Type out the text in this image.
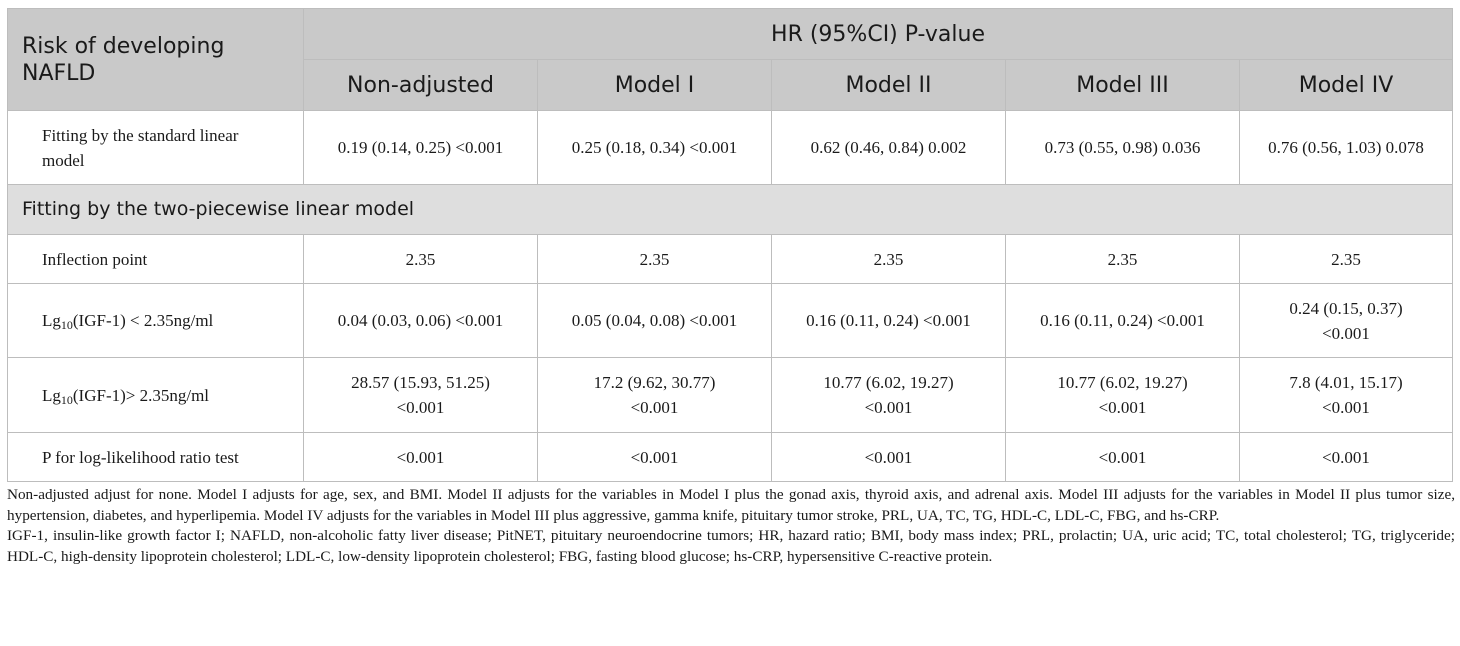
Risk of developing NAFLD	HR (95%CI) P-value				
	Non-adjusted	Model I	Model II	Model III	Model IV

Fitting by the standard linear model	0.19 (0.14, 0.25) <0.001	0.25 (0.18, 0.34) <0.001	0.62 (0.46, 0.84) 0.002	0.73 (0.55, 0.98) 0.036	0.76 (0.56, 1.03) 0.078
Fitting by the two-piecewise linear model					
Inflection point	2.35	2.35	2.35	2.35	2.35
$Lg_{10}(IGF-1) < 2.35ng/ml$	0.04 (0.03, 0.06) <0.001	0.05 (0.04, 0.08) <0.001	0.16 (0.11, 0.24) <0.001	0.16 (0.11, 0.24) <0.001	0.24 (0.15, 0.37) <0.001

$Lg_{10}(IGF-1)> 2.35ng/ml$	28.57 (15.93, 51.25) <0.001	17.2 (9.62, 30.77) <0.001	10.77 (6.02, 19.27) <0.001	10.77 (6.02, 19.27) <0.001	7.8 (4.01, 15.17) <0.001

P for log-likelihood ratio test	<0.001	<0.001	<0.001	<0.001	<0.001

Non-adjusted adjust for none. Model I adjusts for age, sex, and BMI. Model II adjusts for the variables in Model I plus the gonad axis, thyroid axis, and adrenal axis. Model III adjusts for the variables in Model II plus tumor size, hypertension, diabetes, and hyperlipemia. Model IV adjusts for the variables in Model III plus aggressive, gamma knife, pituitary tumor stroke, PRL, UA, TC, TG, HDL-C, LDL-C, FBG, and hs-CRP.

IGF-1, insulin-like growth factor I; NAFLD, non-alcoholic fatty liver disease; PitNET, pituitary neuroendocrine tumors; HR, hazard ratio; BMI, body mass index; PRL, prolactin; UA, uric acid; TC, total cholesterol; TG, triglyceride; HDL-C, high-density lipoprotein cholesterol; LDL-C, low-density lipoprotein cholesterol; FBG, fasting blood glucose; hs-CRP, hypersensitive C-reactive protein.
